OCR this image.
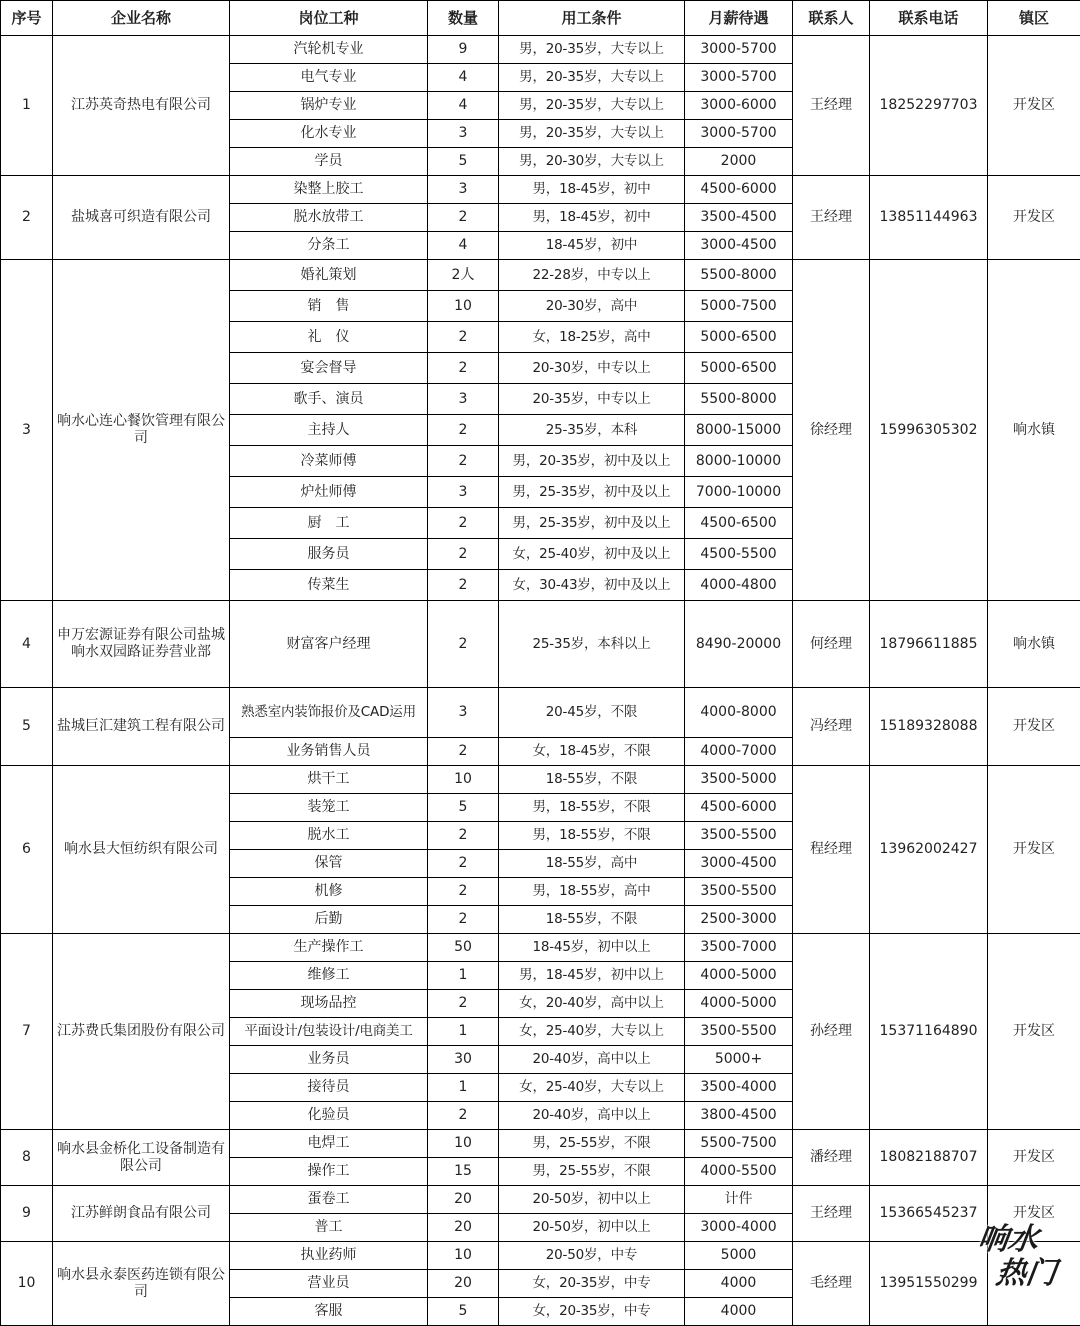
序号	企业名称	岗位工种	数量	用工条件	月薪待遇	联系人	联系电话	镇区
1	江苏英奇热电有限公司	汽轮机专业	9	男，20-35岁，大专以上	3000-5700	王经理	18252297703	开发区
		电气专业	4	男，20-35岁，大专以上	3000-5700			
		锅炉专业	4	男，20-35岁，大专以上	3000-6000			
		化水专业	3	男，20-35岁，大专以上	3000-5700			
		学员	5	男，20-30岁，大专以上	2000			
2	盐城喜可织造有限公司	染整上胶工	3	男，18-45岁，初中	4500-6000	王经理	13851144963	开发区
		脱水放带工	2	男，18-45岁，初中	3500-4500			
		分条工	4	18-45岁，初中	3000-4500			
3	响水心连心餐饮管理有限公司	婚礼策划	2人	22-28岁，中专以上	5500-8000	徐经理	15996305302	响水镇
		销　售	10	20-30岁，高中	5000-7500			
		礼　仪	2	女，18-25岁，高中	5000-6500			
		宴会督导	2	20-30岁，中专以上	5000-6500			
		歌手、演员	3	20-35岁，中专以上	5500-8000			
		主持人	2	25-35岁，本科	8000-15000			
		冷菜师傅	2	男，20-35岁，初中及以上	8000-10000			
		炉灶师傅	3	男，25-35岁，初中及以上	7000-10000			
		厨　工	2	男，25-35岁，初中及以上	4500-6500			
		服务员	2	女，25-40岁，初中及以上	4500-5500			
		传菜生	2	女，30-43岁，初中及以上	4000-4800			
4	申万宏源证券有限公司盐城响水双园路证券营业部	财富客户经理	2	25-35岁，本科以上	8490-20000	何经理	18796611885	响水镇
5	盐城巨汇建筑工程有限公司	熟悉室内装饰报价及CAD运用	3	20-45岁，不限	4000-8000	冯经理	15189328088	开发区
		业务销售人员	2	女，18-45岁，不限	4000-7000			
6	响水县大恒纺织有限公司	烘干工	10	18-55岁，不限	3500-5000	程经理	13962002427	开发区
		装笼工	5	男，18-55岁，不限	4500-6000			
		脱水工	2	男，18-55岁，不限	3500-5500			
		保管	2	18-55岁，高中	3000-4500			
		机修	2	男，18-55岁，高中	3500-5500			
		后勤	2	18-55岁，不限	2500-3000			
7	江苏费氏集团股份有限公司	生产操作工	50	18-45岁，初中以上	3500-7000	孙经理	15371164890	开发区
		维修工	1	男，18-45岁，初中以上	4000-5000			
		现场品控	2	女，20-40岁，高中以上	4000-5000			
		平面设计/包装设计/电商美工	1	女，25-40岁，大专以上	3500-5500			
		业务员	30	20-40岁，高中以上	5000+			
		接待员	1	女，25-40岁，大专以上	3500-4000			
		化验员	2	20-40岁，高中以上	3800-4500			
8	响水县金桥化工设备制造有限公司	电焊工	10	男，25-55岁，不限	5500-7500	潘经理	18082188707	开发区
		操作工	15	男，25-55岁，不限	4000-5500			
9	江苏鲜朗食品有限公司	蛋卷工	20	20-50岁，初中以上	计件	王经理	15366545237	开发区
		普工	20	20-50岁，初中以上	3000-4000			
10	响水县永泰医药连锁有限公司	执业药师	10	20-50岁，中专	5000	毛经理	13951550299	
		营业员	20	女，20-35岁，中专	4000			
		客服	5	女，20-35岁，中专	4000			
响水
热门
